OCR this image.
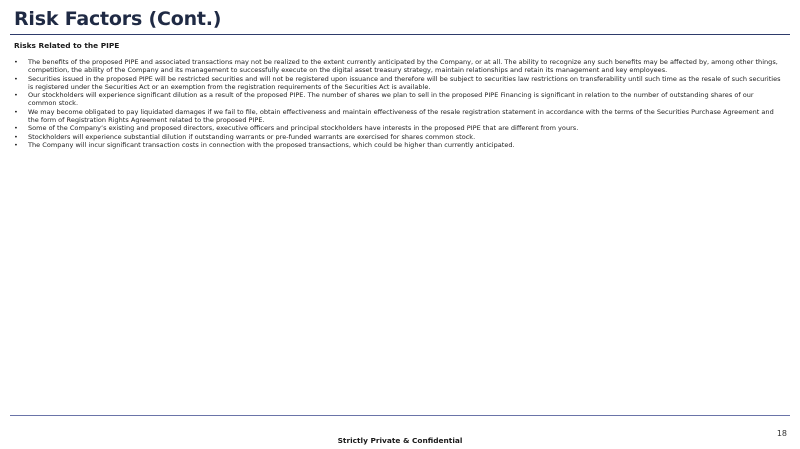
Risk Factors (Cont.)
Risks Related to the PIPE
• The benefits of the proposed PIPE and associated transactions may not be realized to the extent currently anticipated by the Company, or at all. The ability to recognize any such benefits may be affected by, among other things, competition, the ability of the Company and its management to successfully execute on the digital asset treasury strategy, maintain relationships and retain its management and key employees.
• Securities issued in the proposed PIPE will be restricted securities and will not be registered upon issuance and therefore will be subject to securities law restrictions on transferability until such time as the resale of such securities is registered under the Securities Act or an exemption from the registration requirements of the Securities Act is available.
• Our stockholders will experience significant dilution as a result of the proposed PIPE. The number of shares we plan to sell in the proposed PIPE Financing is significant in relation to the number of outstanding shares of our common stock.
• We may become obligated to pay liquidated damages if we fail to file, obtain effectiveness and maintain effectiveness of the resale registration statement in accordance with the terms of the Securities Purchase Agreement and the form of Registration Rights Agreement related to the proposed PIPE.
• Some of the Company’s existing and proposed directors, executive officers and principal stockholders have interests in the proposed PIPE that are different from yours.
• Stockholders will experience substantial dilution if outstanding warrants or pre-funded warrants are exercised for shares common stock.
• The Company will incur significant transaction costs in connection with the proposed transactions, which could be higher than currently anticipated.
18
Strictly Private & Confidential
